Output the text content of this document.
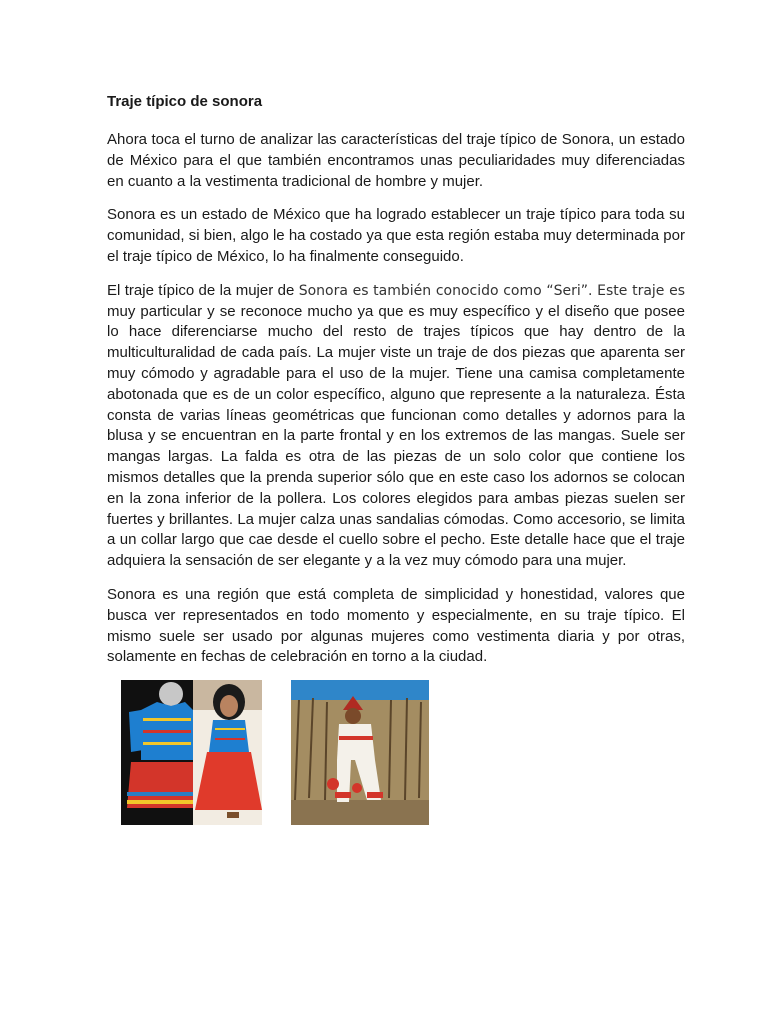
Traje típico de sonora

Ahora toca el turno de analizar las características del traje típico de Sonora, un estado de México para el que también encontramos unas peculiaridades muy diferenciadas en cuanto a la vestimenta tradicional de hombre y mujer.

Sonora es un estado de México que ha logrado establecer un traje típico para toda su comunidad, si bien, algo le ha costado ya que esta región estaba muy determinada por el traje típico de México, lo ha finalmente conseguido.

El traje típico de la mujer de Sonora es también conocido como “Seri”. Este traje es muy particular y se reconoce mucho ya que es muy específico y el diseño que posee lo hace diferenciarse mucho del resto de trajes típicos que hay dentro de la multiculturalidad de cada país. La mujer viste un traje de dos piezas que aparenta ser muy cómodo y agradable para el uso de la mujer. Tiene una camisa completamente abotonada que es de un color específico, alguno que represente a la naturaleza. Ésta consta de varias líneas geométricas que funcionan como detalles y adornos para la blusa y se encuentran en la parte frontal y en los extremos de las mangas. Suele ser mangas largas. La falda es otra de las piezas de un solo color que contiene los mismos detalles que la prenda superior sólo que en este caso los adornos se colocan en la zona inferior de la pollera. Los colores elegidos para ambas piezas suelen ser fuertes y brillantes. La mujer calza unas sandalias cómodas. Como accesorio, se limita a un collar largo que cae desde el cuello sobre el pecho. Este detalle hace que el traje adquiera la sensación de ser elegante y a la vez muy cómodo para una mujer.

Sonora es una región que está completa de simplicidad y honestidad, valores que busca ver representados en todo momento y especialmente, en su traje típico. El mismo suele ser usado por algunas mujeres como vestimenta diaria y por otras, solamente en fechas de celebración en torno a la ciudad.
